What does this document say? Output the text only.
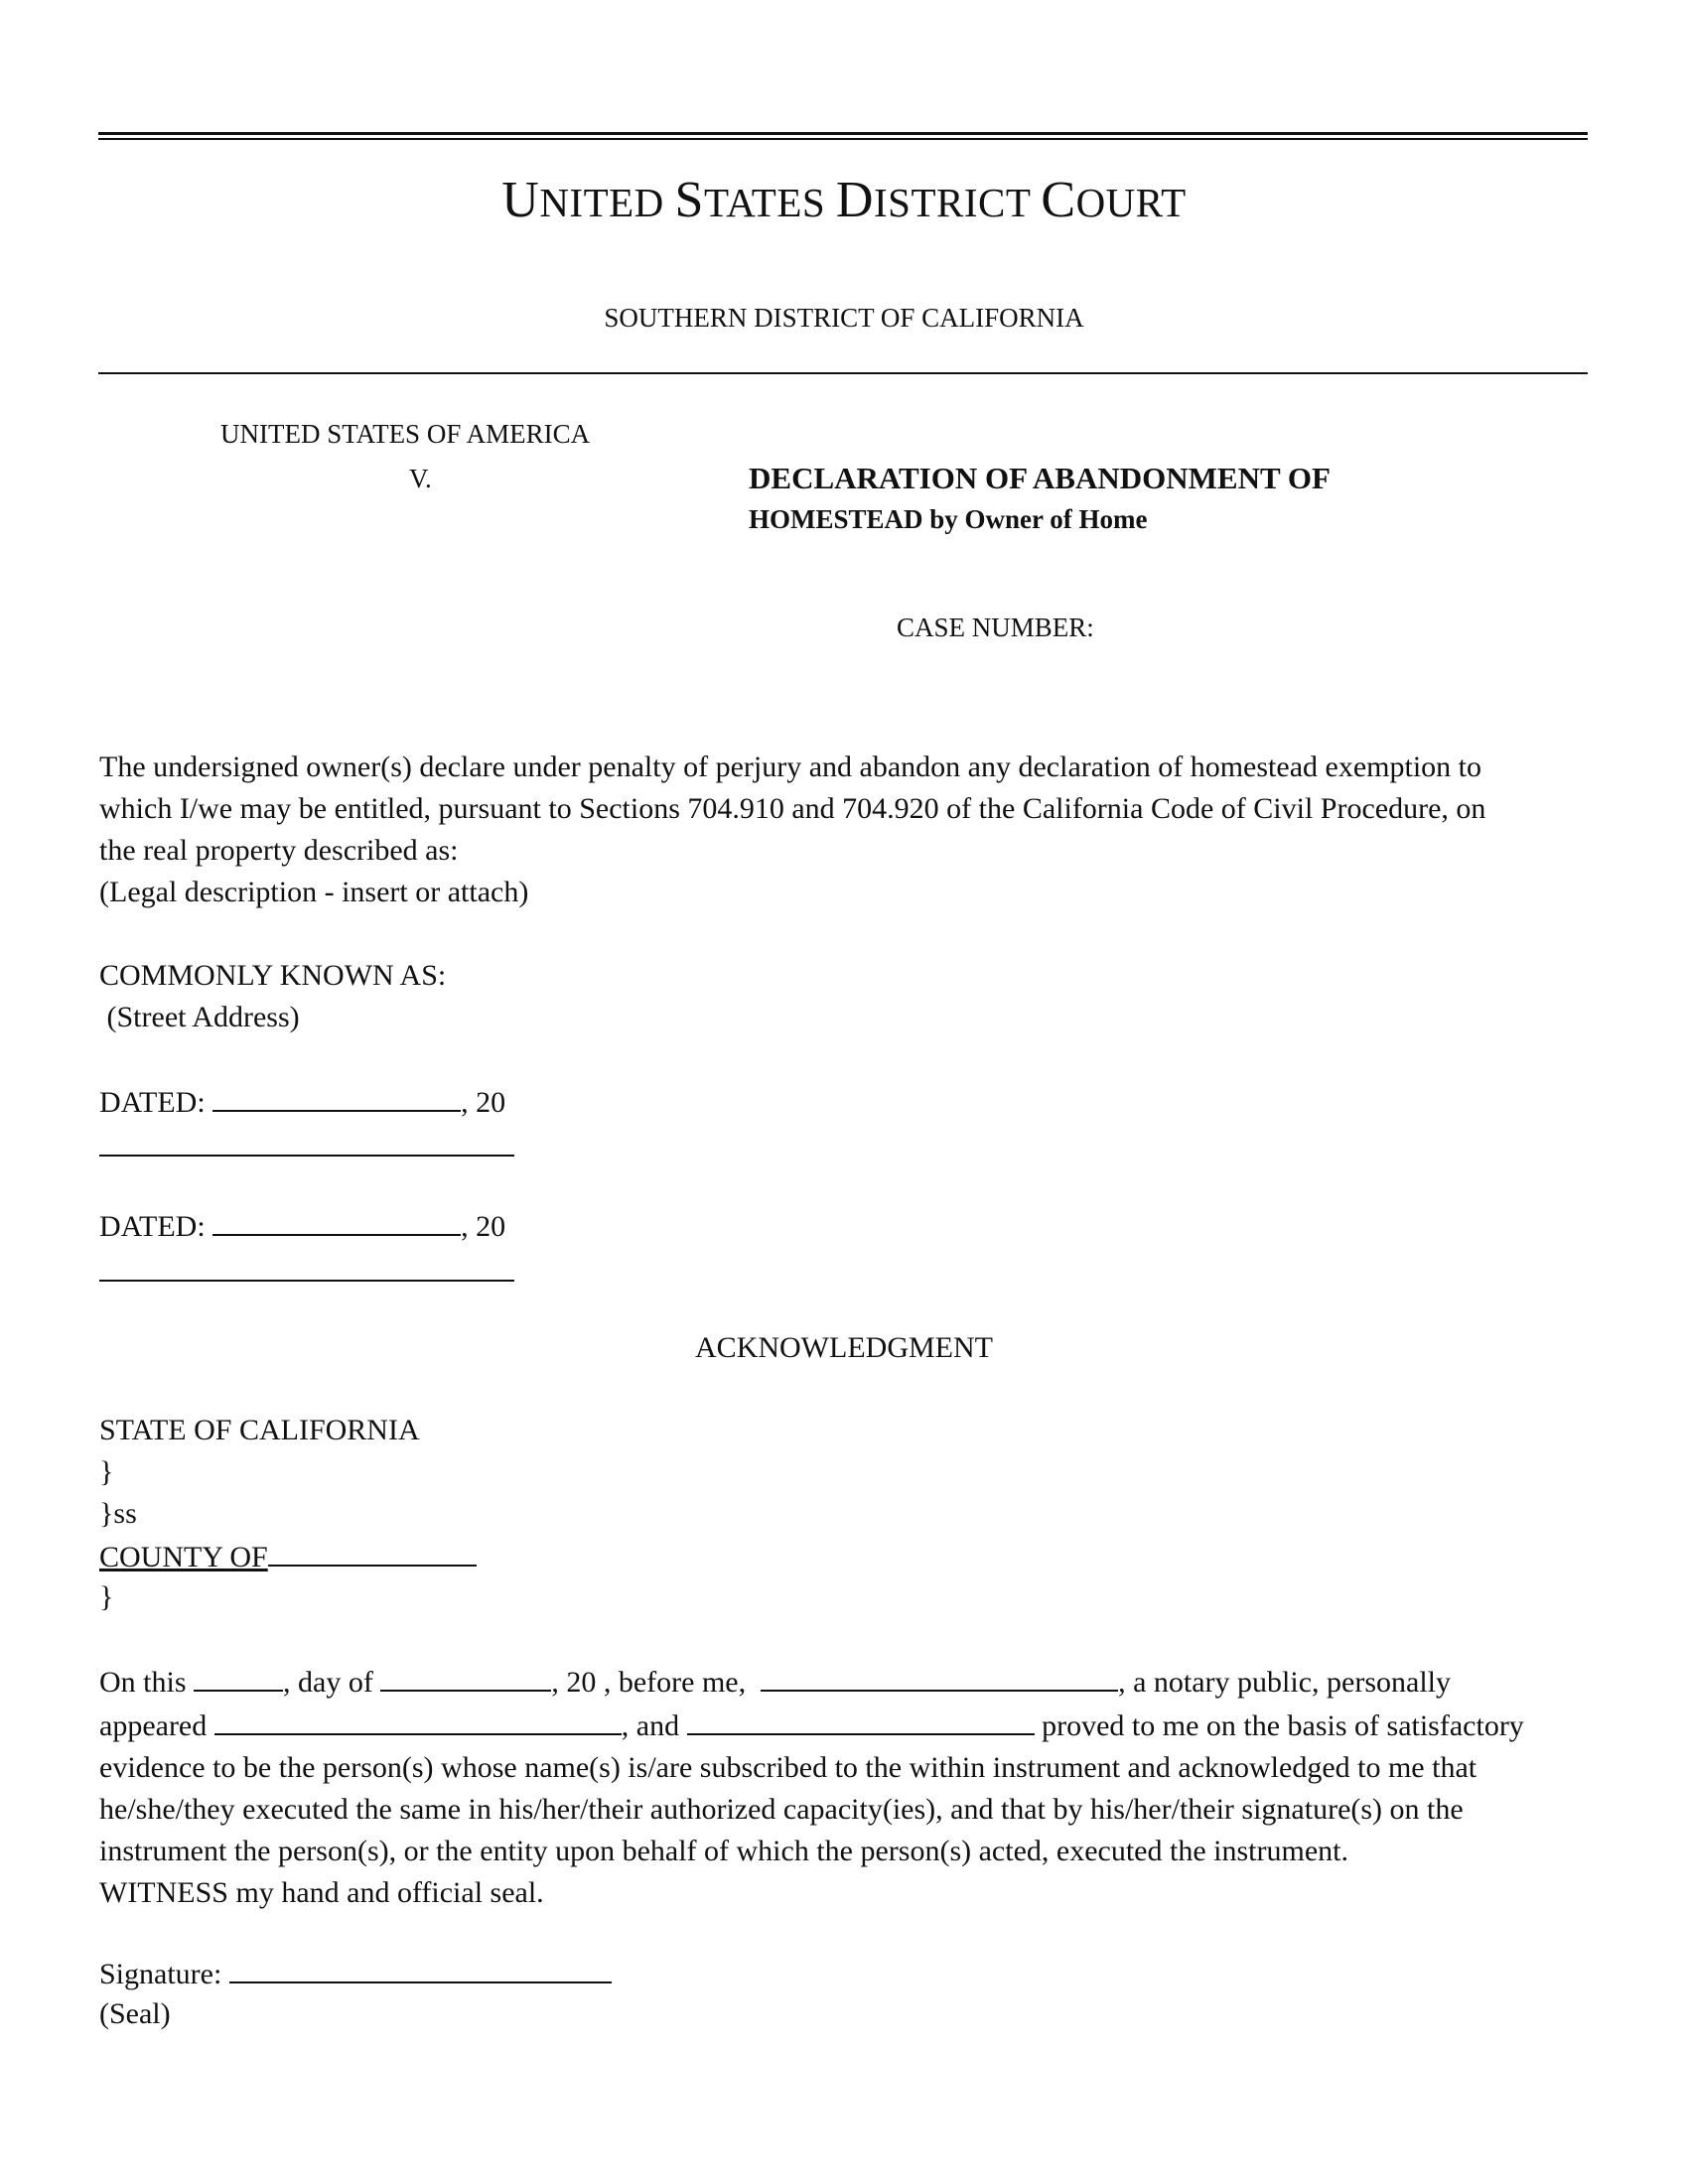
UNITED STATES DISTRICT COURT
SOUTHERN DISTRICT OF CALIFORNIA
UNITED STATES OF AMERICA
V.	DECLARATION OF ABANDONMENT OF
HOMESTEAD by Owner of Home
CASE NUMBER:
The undersigned owner(s) declare under penalty of perjury and abandon any declaration of homestead exemption to
which I/we may be entitled, pursuant to Sections 704.910 and 704.920 of the California Code of Civil Procedure, on
the real property described as:
(Legal description - insert or attach)
COMMONLY KNOWN AS:
(Street Address)
DATED:	, 20
DATED:	, 20
ACKNOWLEDGMENT
STATE OF CALIFORNIA
}
}ss
COUNTY OF
}
On this	, day of	, 20 , before me,	, a notary public, personally
appeared	, and	proved to me on the basis of satisfactory
evidence to be the person(s) whose name(s) is/are subscribed to the within instrument and acknowledged to me that
he/she/they executed the same in his/her/their authorized capacity(ies), and that by his/her/their signature(s) on the
instrument the person(s), or the entity upon behalf of which the person(s) acted, executed the instrument.
WITNESS my hand and official seal.
Signature:
(Seal)
